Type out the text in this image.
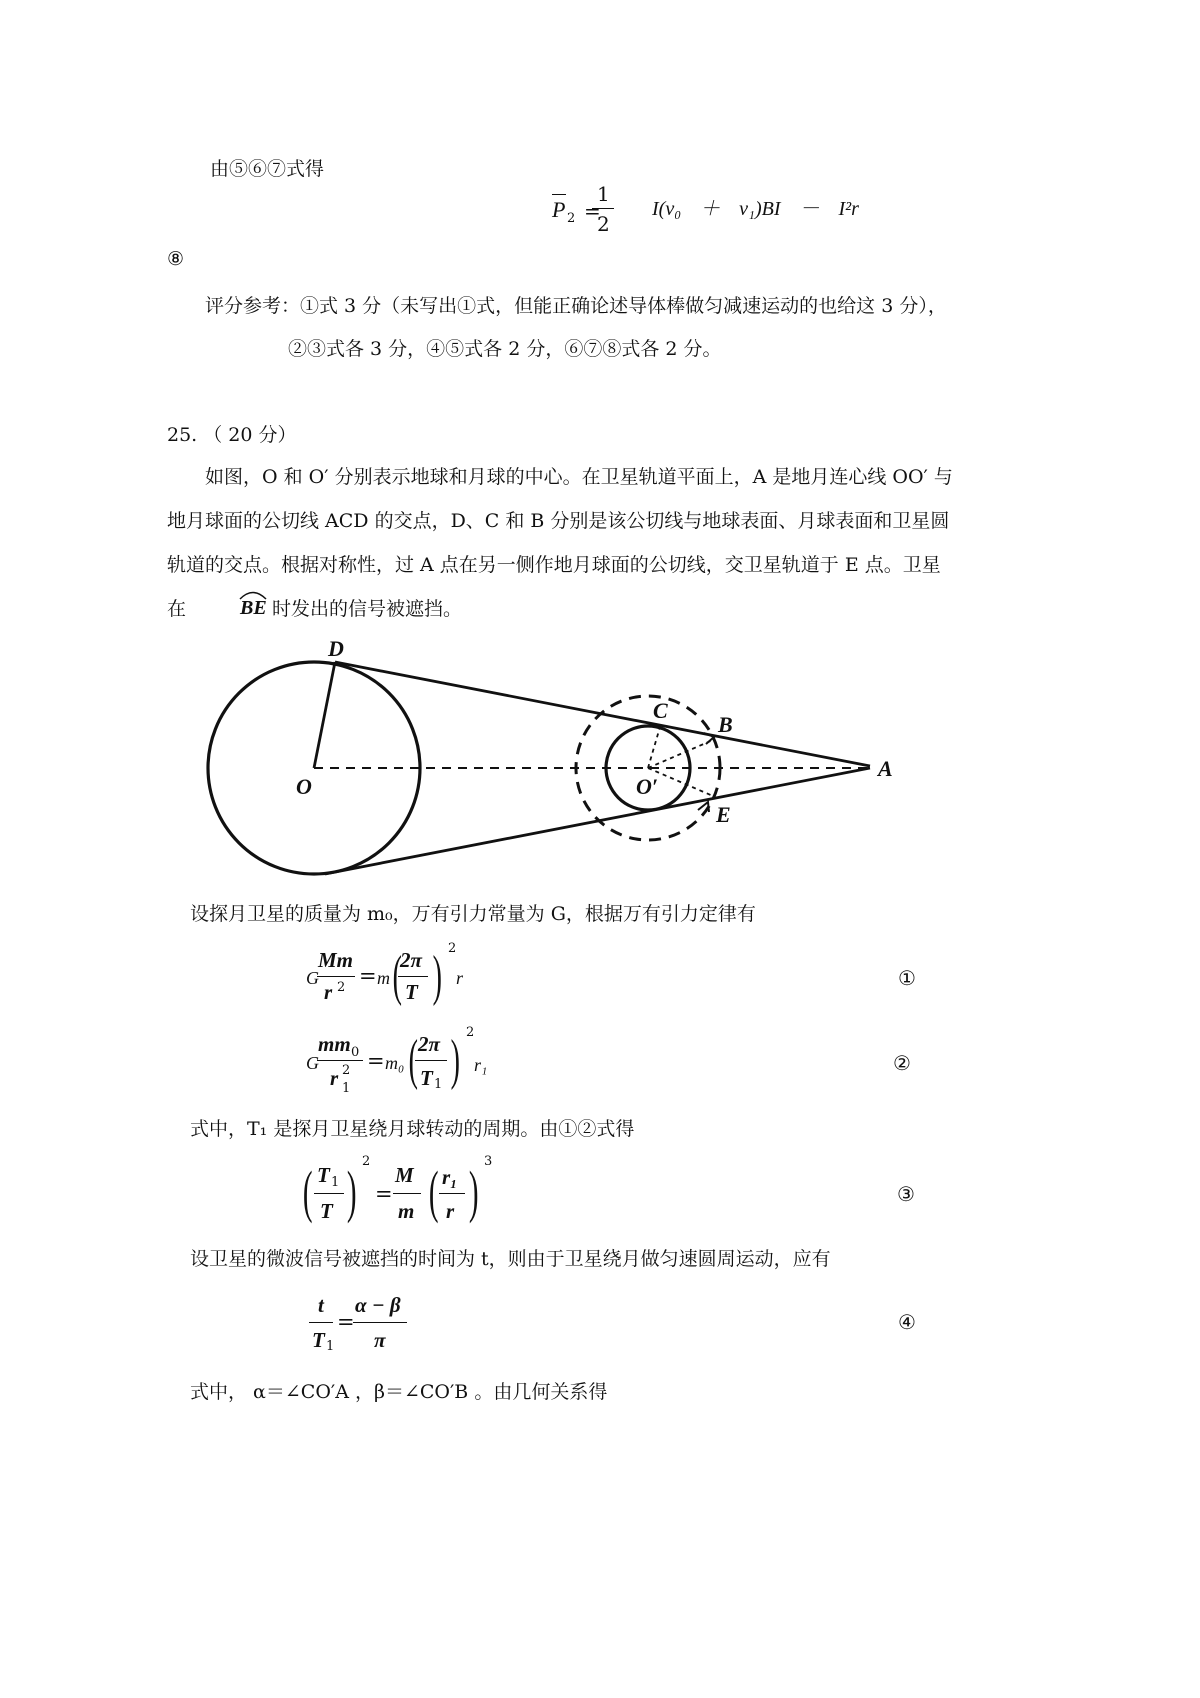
由⑤⑥⑦式得
P 2 =
1
2
I(v₀ ＋ v₁)BI － I²r
⑧
评分参考：①式 3 分（未写出①式，但能正确论述导体棒做匀减速运动的也给这 3 分），
②③式各 3 分，④⑤式各 2 分，⑥⑦⑧式各 2 分。
25. （ 20 分）
如图，O 和 O′ 分别表示地球和月球的中心。在卫星轨道平面上，A 是地月连心线 OO′ 与
地月球面的公切线 ACD 的交点，D、C 和 B 分别是该公切线与地球表面、月球表面和卫星圆
轨道的交点。根据对称性，过 A 点在另一侧作地月球面的公切线，交卫星轨道于 E 点。卫星
在	BE 时发出的信号被遮挡。
D
C
B
A
O	O′
E
设探月卫星的质量为 m₀，万有引力常量为 G，根据万有引力定律有
G
Mm
r 2 = m (
2π
T ) 2
r	①
G
mm 0
r 2
1
= m₀ ( 2π
T 1 ) 2
r₁	②
式中，T₁ 是探月卫星绕月球转动的周期。由①②式得
( T 1
T ) 2
=
M
m ( r₁
r ) 3
③
设卫星的微波信号被遮挡的时间为 t，则由于卫星绕月做匀速圆周运动，应有
t
T 1
=
α − β
π
④
式中， α＝∠CO′A ，β＝∠CO′B 。由几何关系得
